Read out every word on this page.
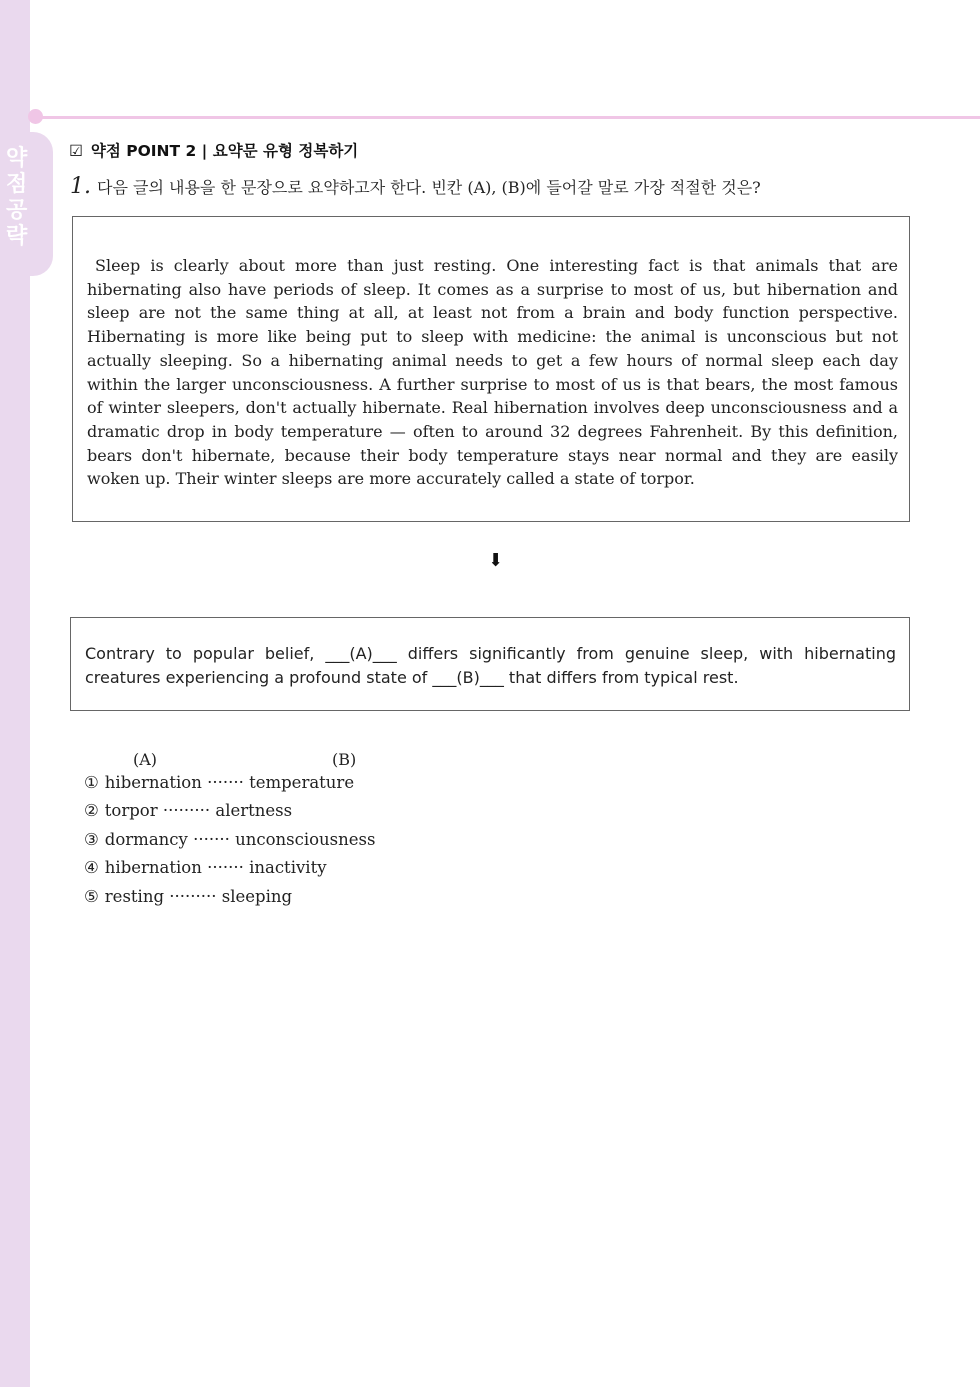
약점공략
☑ 약점 POINT 2 | 요약문 유형 정복하기
1. 다음 글의 내용을 한 문장으로 요약하고자 한다. 빈칸 (A), (B)에 들어갈 말로 가장 적절한 것은?

Sleep is clearly about more than just resting. One interesting fact is that animals that are hibernating also have periods of sleep. It comes as a surprise to most of us, but hibernation and sleep are not the same thing at all, at least not from a brain and body function perspective. Hibernating is more like being put to sleep with medicine: the animal is unconscious but not actually sleeping. So a hibernating animal needs to get a few hours of normal sleep each day within the larger unconsciousness. A further surprise to most of us is that bears, the most famous of winter sleepers, don't actually hibernate. Real hibernation involves deep unconsciousness and a dramatic drop in body temperature — often to around 32 degrees Fahrenheit. By this definition, bears don't hibernate, because their body temperature stays near normal and they are easily woken up. Their winter sleeps are more accurately called a state of torpor.

⬇

Contrary to popular belief, ___(A)___ differs significantly from genuine sleep, with hibernating creatures experiencing a profound state of ___(B)___ that differs from typical rest.

(A)	(B)
① hibernation ······· temperature
② torpor ········· alertness
③ dormancy ······· unconsciousness
④ hibernation ······· inactivity
⑤ resting ········· sleeping
